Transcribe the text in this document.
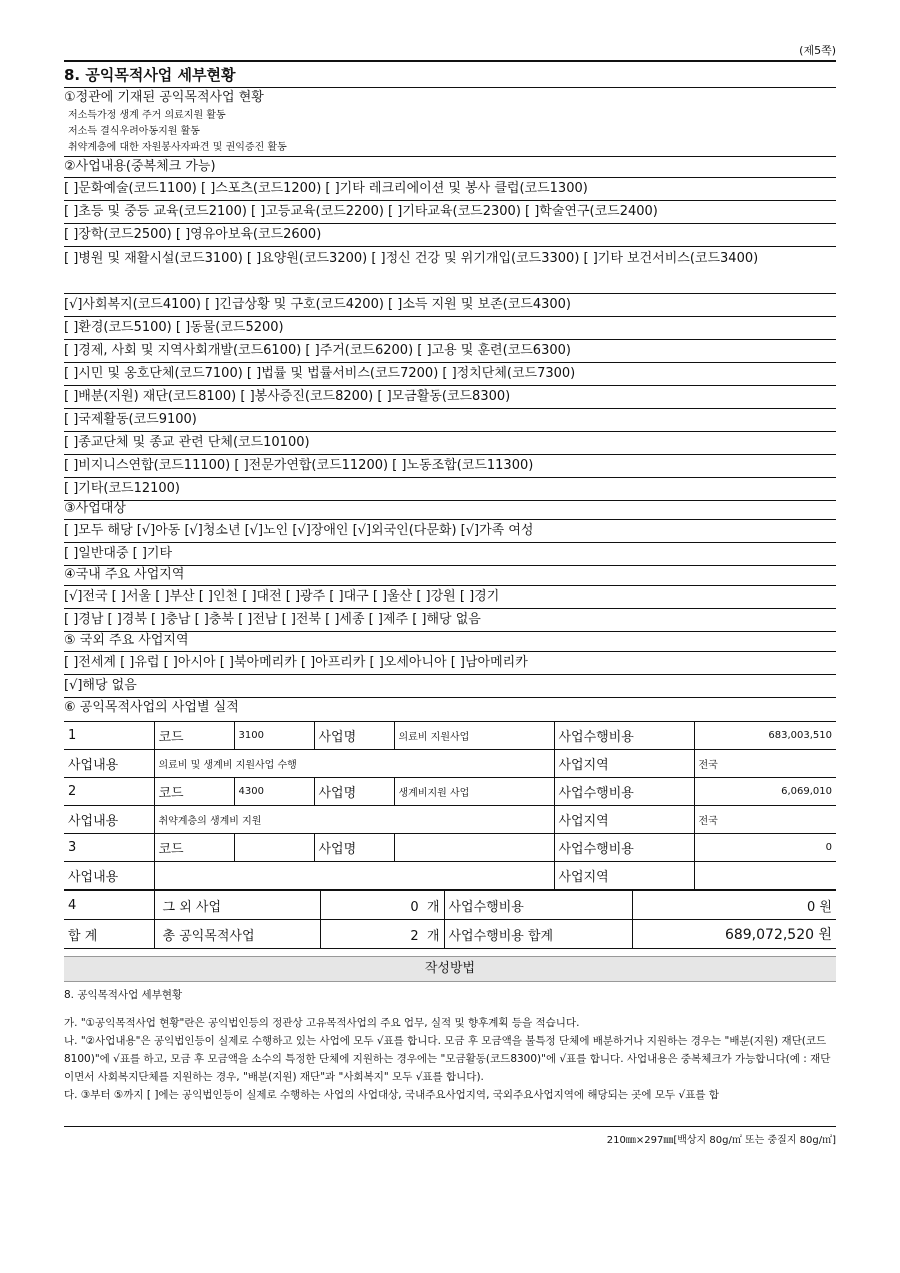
(제5쪽)
8. 공익목적사업 세부현황
①정관에 기재된 공익목적사업 현황
저소득가정 생계 주거 의료지원 활동
저소득 결식우려아동지원 활동
취약계층에 대한 자원봉사자파견 및 권익증진 활동
②사업내용(중복체크 가능)
[ ]문화예술(코드1100) [ ]스포츠(코드1200) [ ]기타 레크리에이션 및 봉사 클럽(코드1300)
[ ]초등 및 중등 교육(코드2100) [ ]고등교육(코드2200) [ ]기타교육(코드2300) [ ]학술연구(코드2400)
[ ]장학(코드2500) [ ]영유아보육(코드2600)
[ ]병원 및 재활시설(코드3100) [ ]요양원(코드3200) [ ]정신 건강 및 위기개입(코드3300) [ ]기타 보건서비스(코드3400)
[√]사회복지(코드4100) [ ]긴급상황 및 구호(코드4200) [ ]소득 지원 및 보존(코드4300)
[ ]환경(코드5100) [ ]동물(코드5200)
[ ]경제, 사회 및 지역사회개발(코드6100) [ ]주거(코드6200) [ ]고용 및 훈련(코드6300)
[ ]시민 및 옹호단체(코드7100) [ ]법률 및 법률서비스(코드7200) [ ]정치단체(코드7300)
[ ]배분(지원) 재단(코드8100) [ ]봉사증진(코드8200) [ ]모금활동(코드8300)
[ ]국제활동(코드9100)
[ ]종교단체 및 종교 관련 단체(코드10100)
[ ]비지니스연합(코드11100) [ ]전문가연합(코드11200) [ ]노동조합(코드11300)
[ ]기타(코드12100)
③사업대상
[ ]모두 해당 [√]아동 [√]청소년 [√]노인 [√]장애인 [√]외국인(다문화) [√]가족 여성
[ ]일반대중 [ ]기타
④국내 주요 사업지역
[√]전국 [ ]서울 [ ]부산 [ ]인천 [ ]대전 [ ]광주 [ ]대구 [ ]울산 [ ]강원 [ ]경기
[ ]경남 [ ]경북 [ ]충남 [ ]충북 [ ]전남 [ ]전북 [ ]세종 [ ]제주 [ ]해당 없음
⑤ 국외 주요 사업지역
[ ]전세계 [ ]유럽 [ ]아시아 [ ]북아메리카 [ ]아프리카 [ ]오세아니아 [ ]남아메리카
[√]해당 없음
⑥ 공익목적사업의 사업별 실적
1	코드	3100	사업명	의료비 지원사업	사업수행비용	683,003,510
사업내용	의료비 및 생계비 지원사업 수행				사업지역	전국
2	코드	4300	사업명	생계비지원 사업	사업수행비용	6,069,010
사업내용	취약계층의 생계비 지원				사업지역	전국
3	코드		사업명		사업수행비용	0
사업내용					사업지역	
4	그 외 사업	0 개	사업수행비용	0 원
합 계	총 공익목적사업	2 개	사업수행비용 합계	689,072,520 원
작성방법

8. 공익목적사업 세부현황

가. "①공익목적사업 현황"란은 공익법인등의 정관상 고유목적사업의 주요 업무, 실적 및 향후계획 등을 적습니다.

나. "②사업내용"은 공익법인등이 실제로 수행하고 있는 사업에 모두 √표를 합니다. 모금 후 모금액을 불특정 단체에 배분하거나 지원하는 경우는 "배분(지원) 재단(코드8100)"에 √표를 하고, 모금 후 모금액을 소수의 특정한 단체에 지원하는 경우에는 "모금활동(코드8300)"에 √표를 합니다. 사업내용은 중복체크가 가능합니다(예 : 재단이면서 사회복지단체를 지원하는 경우, "배분(지원) 재단"과 "사회복지" 모두 √표를 합니다).

다. ③부터 ⑤까지 [ ]에는 공익법인등이 실제로 수행하는 사업의 사업대상, 국내주요사업지역, 국외주요사업지역에 해당되는 곳에 모두 √표를 합

210㎜×297㎜[백상지 80g/㎡ 또는 중질지 80g/㎡]
